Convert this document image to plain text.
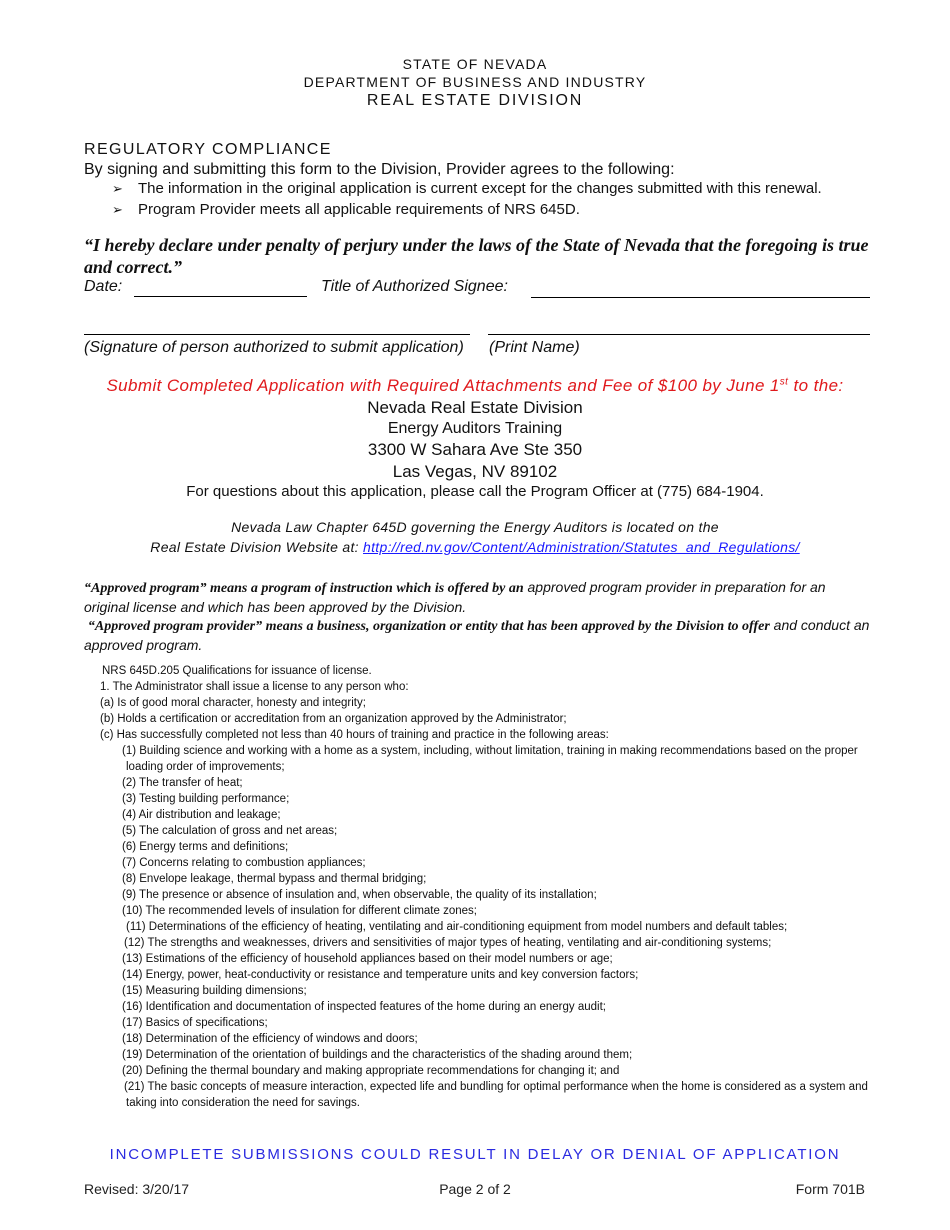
STATE OF NEVADA
DEPARTMENT OF BUSINESS AND INDUSTRY
REAL ESTATE DIVISION
REGULATORY COMPLIANCE
By signing and submitting this form to the Division, Provider agrees to the following:
➢	The information in the original application is current except for the changes submitted with this renewal.
➢	Program Provider meets all applicable requirements of NRS 645D.
“I hereby declare under penalty of perjury under the laws of the State of Nevada that the foregoing is true and correct.”
Date:	Title of Authorized Signee:
(Signature of person authorized to submit application) (Print Name)
Submit Completed Application with Required Attachments and Fee of $100 by June 1st to the:
Nevada Real Estate Division
Energy Auditors Training
3300 W Sahara Ave Ste 350
Las Vegas, NV 89102
For questions about this application, please call the Program Officer at (775) 684-1904.
Nevada Law Chapter 645D governing the Energy Auditors is located on the
Real Estate Division Website at: http://red.nv.gov/Content/Administration/Statutes_and_Regulations/
“Approved program” means a program of instruction which is offered by an approved program provider in preparation for an original license and which has been approved by the Division.
“Approved program provider” means a business, organization or entity that has been approved by the Division to offer and conduct an approved program.
NRS 645D.205 Qualifications for issuance of license.
1. The Administrator shall issue a license to any person who:
(a) Is of good moral character, honesty and integrity;
(b) Holds a certification or accreditation from an organization approved by the Administrator;
(c) Has successfully completed not less than 40 hours of training and practice in the following areas:
(1) Building science and working with a home as a system, including, without limitation, training in making recommendations based on the proper loading order of improvements;
(2) The transfer of heat;
(3) Testing building performance;
(4) Air distribution and leakage;
(5) The calculation of gross and net areas;
(6) Energy terms and definitions;
(7) Concerns relating to combustion appliances;
(8) Envelope leakage, thermal bypass and thermal bridging;
(9) The presence or absence of insulation and, when observable, the quality of its installation;
(10) The recommended levels of insulation for different climate zones;
(11) Determinations of the efficiency of heating, ventilating and air-conditioning equipment from model numbers and default tables;
(12) The strengths and weaknesses, drivers and sensitivities of major types of heating, ventilating and air-conditioning systems;
(13) Estimations of the efficiency of household appliances based on their model numbers or age;
(14) Energy, power, heat-conductivity or resistance and temperature units and key conversion factors;
(15) Measuring building dimensions;
(16) Identification and documentation of inspected features of the home during an energy audit;
(17) Basics of specifications;
(18) Determination of the efficiency of windows and doors;
(19) Determination of the orientation of buildings and the characteristics of the shading around them;
(20) Defining the thermal boundary and making appropriate recommendations for changing it; and
(21) The basic concepts of measure interaction, expected life and bundling for optimal performance when the home is considered as a system and taking into consideration the need for savings.
INCOMPLETE SUBMISSIONS COULD RESULT IN DELAY OR DENIAL OF APPLICATION
Revised: 3/20/17	Page 2 of 2	Form 701B
